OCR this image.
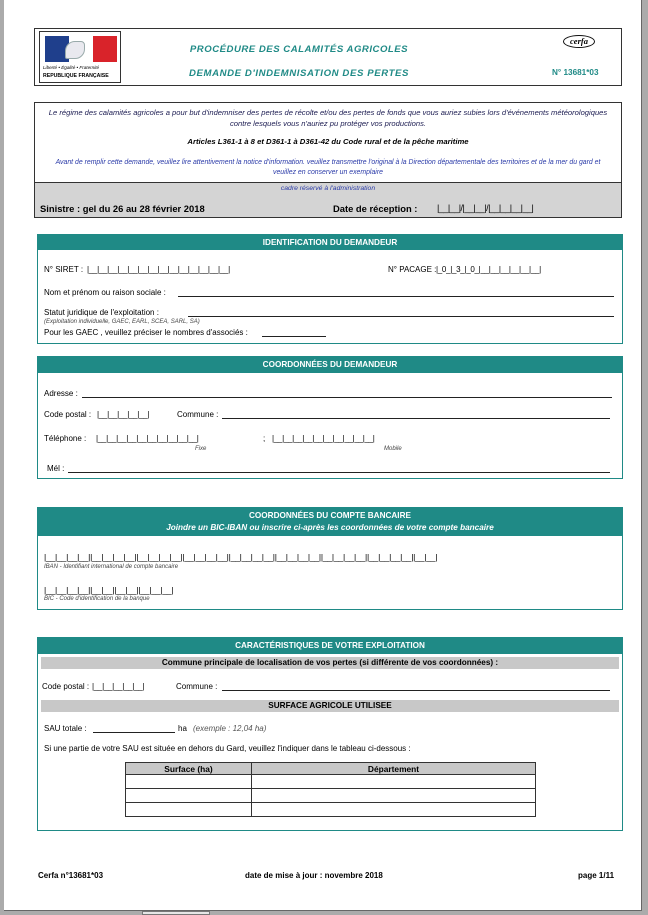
Liberté • Égalité • Fraternité
RÉPUBLIQUE FRANÇAISE
PROCÉDURE DES CALAMITÉS AGRICOLES
DEMANDE D'INDEMNISATION DES PERTES
cerfa
N° 13681*03
Le régime des calamités agricoles a pour but d'indemniser des pertes de récolte et/ou des pertes de fonds que vous auriez subies lors d'événements météorologiques contre lesquels vous n'auriez pu protéger vos productions.
Articles L361-1 à 8 et D361-1 à D361-42 du Code rural et de la pêche maritime
Avant de remplir cette demande, veuillez lire attentivement la notice d'information. veuillez transmettre l'original à la Direction départementale des territoires et de la mer du gard et veuillez en conserver un exemplaire
cadre réservé à l'administration
Sinistre : gel du 26 au 28 février 2018	Date de réception : |__|__|/|__|__|/|__|__|__|__|
IDENTIFICATION DU DEMANDEUR
N° SIRET : |__|__|__|__|__|__|__|__|__|__|__|__|__|__|	N° PACAGE : |_0_|_3_|_0_|__|__|__|__|__|__|
Nom et prénom ou raison sociale :
Statut juridique de l'exploitation :
(Exploitation individuelle, GAEC, EARL, SCEA, SARL, SA)
Pour les GAEC , veuillez préciser le nombres d'associés :
COORDONNÉES DU DEMANDEUR
Adresse :
Code postal : |__|__|__|__|__|	Commune :
Téléphone : |__|__|__|__|__|__|__|__|__|__|	; |__|__|__|__|__|__|__|__|__|__|
Fixe	Mobile
Mél :
COORDONNÉES DU COMPTE BANCAIRE
Joindre un BIC-IBAN ou inscrire ci-après les coordonnées de votre compte bancaire
|__|__|__|__||__|__|__|__||__|__|__|__||__|__|__|__||__|__|__|__||__|__|__|__||__|__|__|__||__|__|__|__||__|__|
IBAN - Identifiant international de compte bancaire
|__|__|__|__||__|__||__|__||__|__|__|
BIC - Code d'identification de la banque
CARACTÉRISTIQUES DE VOTRE EXPLOITATION
Commune principale de localisation de vos pertes (si différente de vos coordonnées) :
Code postal : |__|__|__|__|__|	Commune :
SURFACE AGRICOLE UTILISEE
SAU totale :	ha (exemple : 12,04 ha)
Si une partie de votre SAU est située en dehors du Gard, veuillez l'indiquer dans le tableau ci-dessous :
Surface (ha)	Département

Cerfa n°13681*03	date de mise à jour : novembre 2018	page 1/11
